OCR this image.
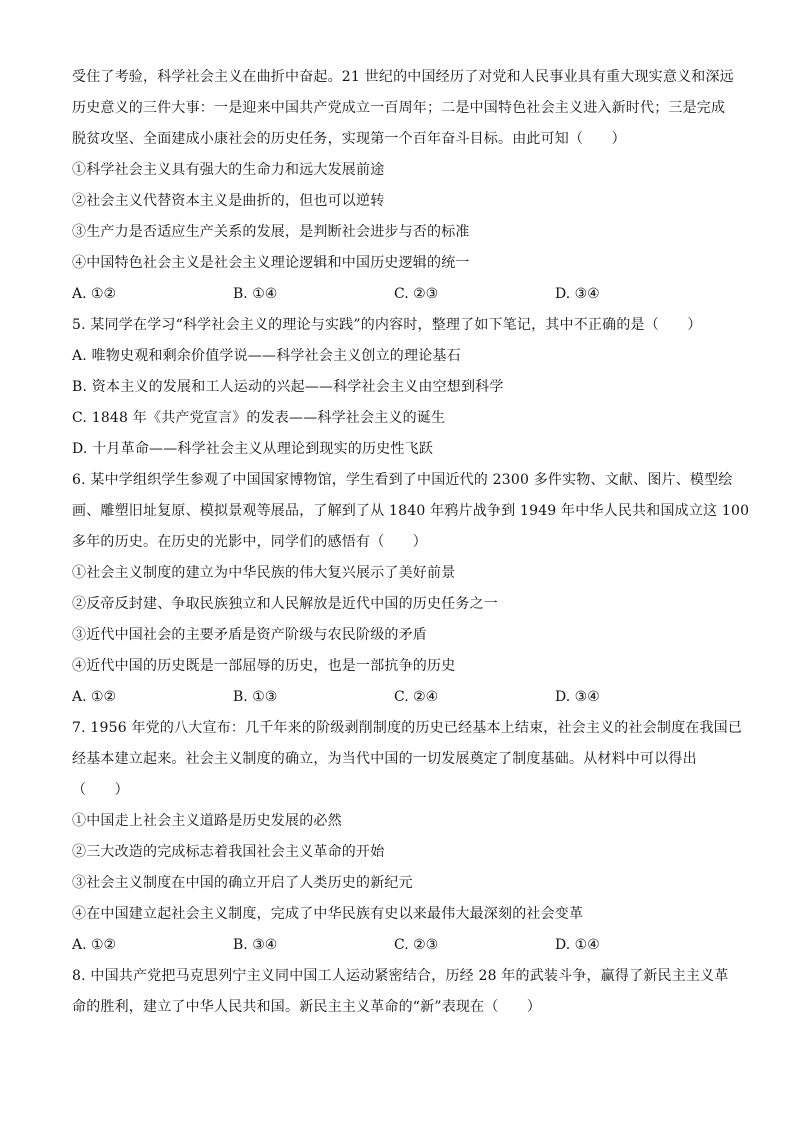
受住了考验，科学社会主义在曲折中奋起。21 世纪的中国经历了对党和人民事业具有重大现实意义和深远
历史意义的三件大事：一是迎来中国共产党成立一百周年；二是中国特色社会主义进入新时代；三是完成
脱贫攻坚、全面建成小康社会的历史任务，实现第一个百年奋斗目标。由此可知（　　）
①科学社会主义具有强大的生命力和远大发展前途
②社会主义代替资本主义是曲折的，但也可以逆转
③生产力是否适应生产关系的发展，是判断社会进步与否的标准
④中国特色社会主义是社会主义理论逻辑和中国历史逻辑的统一
A. ①②	B. ①④	C. ②③	D. ③④
5. 某同学在学习“科学社会主义的理论与实践”的内容时，整理了如下笔记，其中不正确的是（　　）
A. 唯物史观和剩余价值学说——科学社会主义创立的理论基石
B. 资本主义的发展和工人运动的兴起——科学社会主义由空想到科学
C. 1848 年《共产党宣言》的发表——科学社会主义的诞生
D. 十月革命——科学社会主义从理论到现实的历史性飞跃
6. 某中学组织学生参观了中国国家博物馆，学生看到了中国近代的 2300 多件实物、文献、图片、模型绘
画、雕塑旧址复原、模拟景观等展品，了解到了从 1840 年鸦片战争到 1949 年中华人民共和国成立这 100
多年的历史。在历史的光影中，同学们的感悟有（　　）
①社会主义制度的建立为中华民族的伟大复兴展示了美好前景
②反帝反封建、争取民族独立和人民解放是近代中国的历史任务之一
③近代中国社会的主要矛盾是资产阶级与农民阶级的矛盾
④近代中国的历史既是一部屈辱的历史，也是一部抗争的历史
A. ①②	B. ①③	C. ②④	D. ③④
7. 1956 年党的八大宣布：几千年来的阶级剥削制度的历史已经基本上结束，社会主义的社会制度在我国已
经基本建立起来。社会主义制度的确立，为当代中国的一切发展奠定了制度基础。从材料中可以得出
（　　）
①中国走上社会主义道路是历史发展的必然
②三大改造的完成标志着我国社会主义革命的开始
③社会主义制度在中国的确立开启了人类历史的新纪元
④在中国建立起社会主义制度，完成了中华民族有史以来最伟大最深刻的社会变革
A. ①②	B. ③④	C. ②③	D. ①④
8. 中国共产党把马克思列宁主义同中国工人运动紧密结合，历经 28 年的武装斗争，赢得了新民主主义革
命的胜利，建立了中华人民共和国。新民主主义革命的“新”表现在（　　）
